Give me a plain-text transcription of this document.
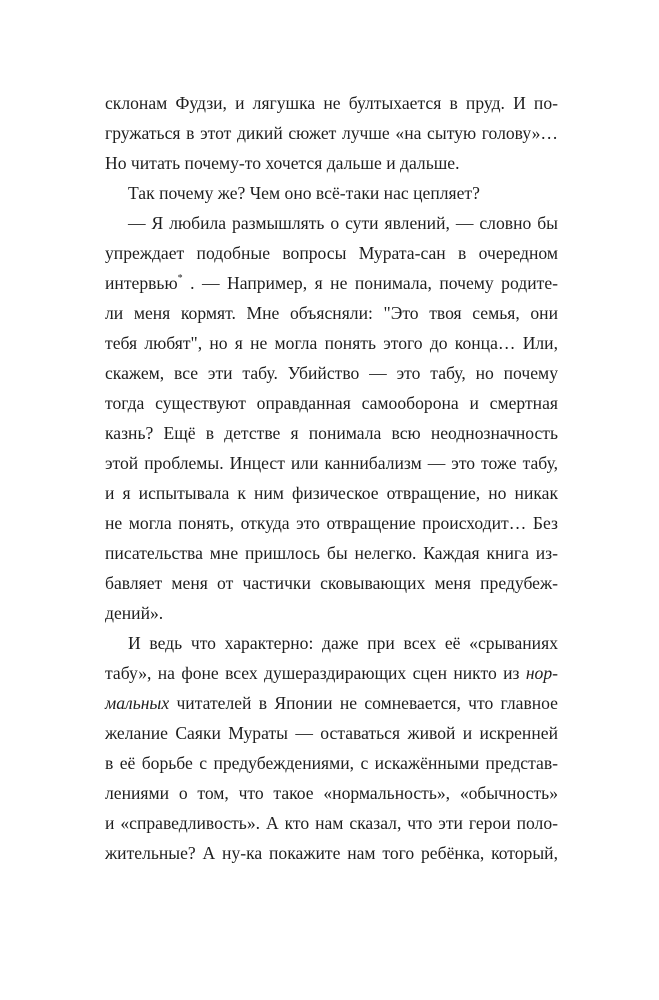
склонам Фудзи, и лягушка не бултыхается в пруд. И по-
гружаться в этот дикий сюжет лучше «на сытую голову»…
Но читать почему-то хочется дальше и дальше.
Так почему же? Чем оно всё-таки нас цепляет?
— Я любила размышлять о сути явлений, — словно бы
упреждает подобные вопросы Мурата-сан в очередном
интервью* . — Например, я не понимала, почему родите-
ли меня кормят. Мне объясняли: "Это твоя семья, они
тебя любят", но я не могла понять этого до конца… Или,
скажем, все эти табу. Убийство — это табу, но почему
тогда существуют оправданная самооборона и смертная
казнь? Ещё в детстве я понимала всю неоднозначность
этой проблемы. Инцест или каннибализм — это тоже табу,
и я испытывала к ним физическое отвращение, но никак
не могла понять, откуда это отвращение происходит… Без
писательства мне пришлось бы нелегко. Каждая книга из-
бавляет меня от частички сковывающих меня предубеж-
дений».
И ведь что характерно: даже при всех её «срываниях
табу», на фоне всех душераздирающих сцен никто из нор-
мальных читателей в Японии не сомневается, что главное
желание Саяки Мураты — оставаться живой и искренней
в её борьбе с предубеждениями, с искажёнными представ-
лениями о том, что такое «нормальность», «обычность»
и «справедливость». А кто нам сказал, что эти герои поло-
жительные? А ну-ка покажите нам того ребёнка, который,
